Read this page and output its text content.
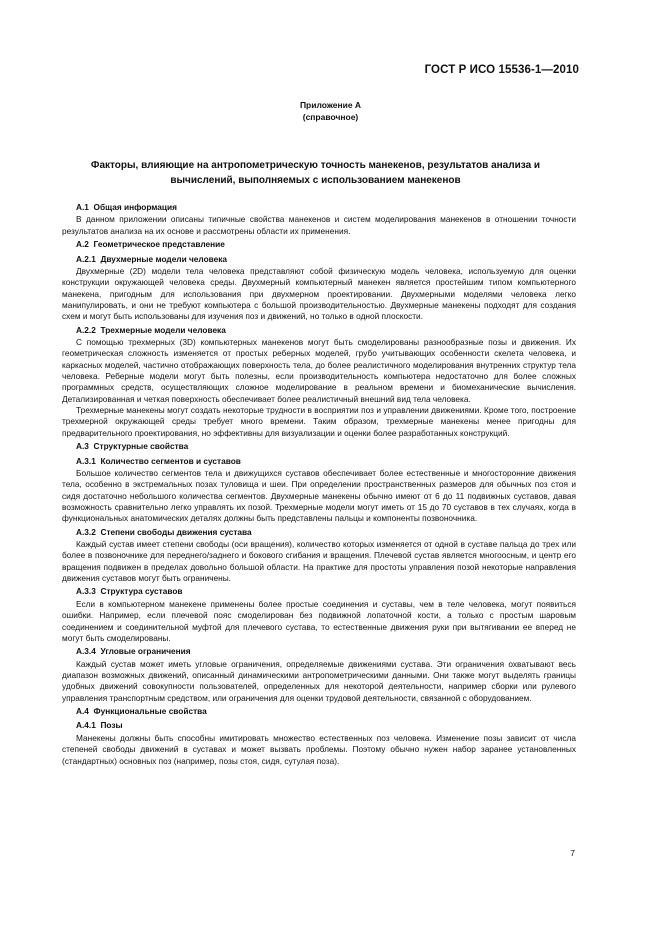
ГОСТ Р ИСО 15536-1—2010
Приложение А
(справочное)
Факторы, влияющие на антропометрическую точность манекенов, результатов анализа и вычислений, выполняемых с использованием манекенов
А.1 Общая информация

В данном приложении описаны типичные свойства манекенов и систем моделирования манекенов в отношении точности результатов анализа на их основе и рассмотрены области их применения.

А.2 Геометрическое представление
А.2.1 Двухмерные модели человека

Двухмерные (2D) модели тела человека представляют собой физическую модель человека, используемую для оценки конструкции окружающей человека среды. Двухмерный компьютерный манекен является простейшим типом компьютерного манекена, пригодным для использования при двухмерном проектировании. Двухмерными моделями человека легко манипулировать, и они не требуют компьютера с большой производительностью. Двухмерные манекены подходят для создания схем и могут быть использованы для изучения поз и движений, но только в одной плоскости.

А.2.2 Трехмерные модели человека

С помощью трехмерных (3D) компьютерных манекенов могут быть смоделированы разнообразные позы и движения. Их геометрическая сложность изменяется от простых реберных моделей, грубо учитывающих особенности скелета человека, и каркасных моделей, частично отображающих поверхность тела, до более реалистичного моделирования внутренних структур тела человека. Реберные модели могут быть полезны, если производительность компьютера недостаточно для более сложных программных средств, осуществляющих сложное моделирование в реальном времени и биомеханические вычисления. Детализированная и четкая поверхность обеспечивает более реалистичный внешний вид тела человека.

Трехмерные манекены могут создать некоторые трудности в восприятии поз и управлении движениями. Кроме того, построение трехмерной окружающей среды требует много времени. Таким образом, трехмерные манекены менее пригодны для предварительного проектирования, но эффективны для визуализации и оценки более разработанных конструкций.

А.3 Структурные свойства
А.3.1 Количество сегментов и суставов

Большое количество сегментов тела и движущихся суставов обеспечивает более естественные и многосторонние движения тела, особенно в экстремальных позах туловища и шеи. При определении пространственных размеров для обычных поз стоя и сидя достаточно небольшого количества сегментов. Двухмерные манекены обычно имеют от 6 до 11 подвижных суставов, давая возможность сравнительно легко управлять их позой. Трехмерные модели могут иметь от 15 до 70 суставов в тех случаях, когда в функциональных анатомических деталях должны быть представлены пальцы и компоненты позвоночника.

А.3.2 Степени свободы движения сустава

Каждый сустав имеет степени свободы (оси вращения), количество которых изменяется от одной в суставе пальца до трех или более в позвоночнике для переднего/заднего и бокового сгибания и вращения. Плечевой сустав является многоосным, и центр его вращения подвижен в пределах довольно большой области. На практике для простоты управления позой некоторые направления движения суставов могут быть ограничены.

А.3.3 Структура суставов

Если в компьютерном манекене применены более простые соединения и суставы, чем в теле человека, могут появиться ошибки. Например, если плечевой пояс смоделирован без подвижной лопаточной кости, а только с простым шаровым соединением и соединительной муфтой для плечевого сустава, то естественные движения руки при вытягивании ее вперед не могут быть смоделированы.

А.3.4 Угловые ограничения

Каждый сустав может иметь угловые ограничения, определяемые движениями сустава. Эти ограничения охватывают весь диапазон возможных движений, описанный динамическими антропометрическими данными. Они также могут выделять границы удобных движений совокупности пользователей, определенных для некоторой деятельности, например сборки или рулевого управления транспортным средством, или ограничения для оценки трудовой деятельности, связанной с оборудованием.

А.4 Функциональные свойства
А.4.1 Позы

Манекены должны быть способны имитировать множество естественных поз человека. Изменение позы зависит от числа степеней свободы движений в суставах и может вызвать проблемы. Поэтому обычно нужен набор заранее установленных (стандартных) основных поз (например, позы стоя, сидя, сутулая поза).

7
